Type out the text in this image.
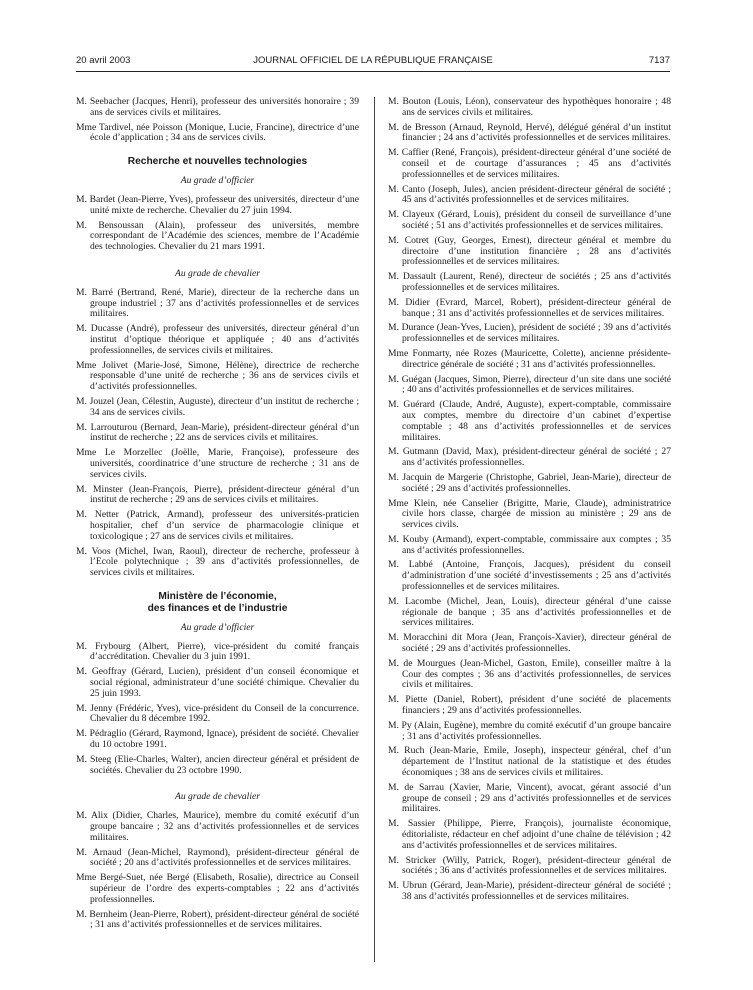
20 avril 2003	JOURNAL OFFICIEL DE LA RÉPUBLIQUE FRANÇAISE	7137

M. Seebacher (Jacques, Henri), professeur des universités honoraire ; 39 ans de services civils et militaires.

Mme Tardivel, née Poisson (Monique, Lucie, Francine), directrice d’une école d’application ; 34 ans de services civils.

Recherche et nouvelles technologies
Au grade d’officier

M. Bardet (Jean-Pierre, Yves), professeur des universités, directeur d’une unité mixte de recherche. Chevalier du 27 juin 1994.

M. Bensoussan (Alain), professeur des universités, membre correspondant de l’Académie des sciences, membre de l’Académie des technologies. Chevalier du 21 mars 1991.

Au grade de chevalier

M. Barré (Bertrand, René, Marie), directeur de la recherche dans un groupe industriel ; 37 ans d’activités professionnelles et de services militaires.

M. Ducasse (André), professeur des universités, directeur général d’un institut d’optique théorique et appliquée ; 40 ans d’activités professionnelles, de services civils et militaires.

Mme Jolivet (Marie-José, Simone, Hélène), directrice de recherche responsable d’une unité de recherche ; 36 ans de services civils et d’activités professionnelles.

M. Jouzel (Jean, Célestin, Auguste), directeur d’un institut de recherche ; 34 ans de services civils.

M. Larrouturou (Bernard, Jean-Marie), président-directeur général d’un institut de recherche ; 22 ans de services civils et militaires.

Mme Le Morzellec (Joëlle, Marie, Françoise), professeure des universités, coordinatrice d’une structure de recherche ; 31 ans de services civils.

M. Minster (Jean-François, Pierre), président-directeur général d’un institut de recherche ; 29 ans de services civils et militaires.

M. Netter (Patrick, Armand), professeur des universités-praticien hospitalier, chef d’un service de pharmacologie clinique et toxicologique ; 27 ans de services civils et militaires.

M. Voos (Michel, Iwan, Raoul), directeur de recherche, professeur à l’Ecole polytechnique ; 39 ans d’activités professionnelles, de services civils et militaires.

Ministère de l’économie,
des finances et de l’industrie
Au grade d’officier

M. Frybourg (Albert, Pierre), vice-président du comité français d’accréditation. Chevalier du 3 juin 1991.

M. Geoffray (Gérard, Lucien), président d’un conseil économique et social régional, administrateur d’une société chimique. Chevalier du 25 juin 1993.

M. Jenny (Frédéric, Yves), vice-président du Conseil de la concurrence. Chevalier du 8 décembre 1992.

M. Pédraglio (Gérard, Raymond, Ignace), président de société. Chevalier du 10 octobre 1991.

M. Steeg (Elie-Charles, Walter), ancien directeur général et président de sociétés. Chevalier du 23 octobre 1990.

Au grade de chevalier

M. Alix (Didier, Charles, Maurice), membre du comité exécutif d’un groupe bancaire ; 32 ans d’activités professionnelles et de services militaires.

M. Arnaud (Jean-Michel, Raymond), président-directeur général de société ; 20 ans d’activités professionnelles et de services militaires.

Mme Bergé-Suet, née Bergé (Elisabeth, Rosalie), directrice au Conseil supérieur de l’ordre des experts-comptables ; 22 ans d’activités professionnelles.

M. Bernheim (Jean-Pierre, Robert), président-directeur général de société ; 31 ans d’activités professionnelles et de services militaires.

M. Bouton (Louis, Léon), conservateur des hypothèques honoraire ; 48 ans de services civils et militaires.

M. de Bresson (Arnaud, Reynold, Hervé), délégué général d’un institut financier ; 24 ans d’activités professionnelles et de services militaires.

M. Caffier (René, François), président-directeur général d’une société de conseil et de courtage d’assurances ; 45 ans d’activités professionnelles et de services militaires.

M. Canto (Joseph, Jules), ancien président-directeur général de société ; 45 ans d’activités professionnelles et de services militaires.

M. Clayeux (Gérard, Louis), président du conseil de surveillance d’une société ; 51 ans d’activités professionnelles et de services militaires.

M. Cotret (Guy, Georges, Ernest), directeur général et membre du directoire d’une institution financière ; 28 ans d’activités professionnelles et de services militaires.

M. Dassault (Laurent, René), directeur de sociétés ; 25 ans d’activités professionnelles et de services militaires.

M. Didier (Evrard, Marcel, Robert), président-directeur général de banque ; 31 ans d’activités professionnelles et de services militaires.

M. Durance (Jean-Yves, Lucien), président de société ; 39 ans d’activités professionnelles et de services militaires.

Mme Fonmarty, née Rozes (Mauricette, Colette), ancienne présidente-directrice générale de société ; 31 ans d’activités professionnelles.

M. Guégan (Jacques, Simon, Pierre), directeur d’un site dans une société ; 40 ans d’activités professionnelles et de services militaires.

M. Guérard (Claude, André, Auguste), expert-comptable, commissaire aux comptes, membre du directoire d’un cabinet d’expertise comptable ; 48 ans d’activités professionnelles et de services militaires.

M. Gutmann (David, Max), président-directeur général de société ; 27 ans d’activités professionnelles.

M. Jacquin de Margerie (Christophe, Gabriel, Jean-Marie), directeur de société ; 29 ans d’activités professionnelles.

Mme Klein, née Canselier (Brigitte, Marie, Claude), administratrice civile hors classe, chargée de mission au ministère ; 29 ans de services civils.

M. Kouby (Armand), expert-comptable, commissaire aux comptes ; 35 ans d’activités professionnelles.

M. Labbé (Antoine, François, Jacques), président du conseil d’administration d’une société d’investissements ; 25 ans d’activités professionnelles et de services militaires.

M. Lacombe (Michel, Jean, Louis), directeur général d’une caisse régionale de banque ; 35 ans d’activités professionnelles et de services militaires.

M. Moracchini dit Mora (Jean, François-Xavier), directeur général de société ; 29 ans d’activités professionnelles.

M. de Mourgues (Jean-Michel, Gaston, Emile), conseiller maître à la Cour des comptes ; 36 ans d’activités professionnelles, de services civils et militaires.

M. Piette (Daniel, Robert), président d’une société de placements financiers ; 29 ans d’activités professionnelles.

M. Py (Alain, Eugène), membre du comité exécutif d’un groupe bancaire ; 31 ans d’activités professionnelles.

M. Ruch (Jean-Marie, Emile, Joseph), inspecteur général, chef d’un département de l’Institut national de la statistique et des études économiques ; 38 ans de services civils et militaires.

M. de Sarrau (Xavier, Marie, Vincent), avocat, gérant associé d’un groupe de conseil ; 29 ans d’activités professionnelles et de services militaires.

M. Sassier (Philippe, Pierre, François), journaliste économique, éditorialiste, rédacteur en chef adjoint d’une chaîne de télévision ; 42 ans d’activités professionnelles et de services militaires.

M. Stricker (Willy, Patrick, Roger), président-directeur général de sociétés ; 36 ans d’activités professionnelles et de services militaires.

M. Ubrun (Gérard, Jean-Marie), président-directeur général de société ; 38 ans d’activités professionnelles et de services militaires.
